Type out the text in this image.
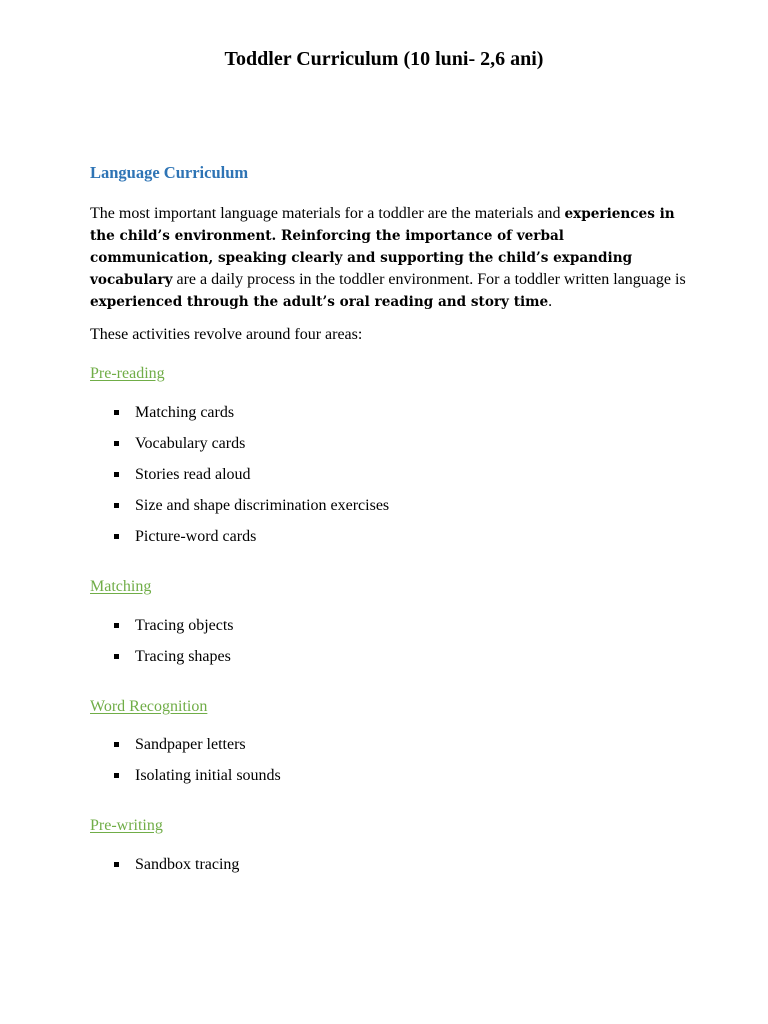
Toddler Curriculum (10 luni- 2,6 ani)
Language Curriculum

The most important language materials for a toddler are the materials and experiences in the child’s environment. Reinforcing the importance of verbal communication, speaking clearly and supporting the child’s expanding vocabulary are a daily process in the toddler environment. For a toddler written language is experienced through the adult’s oral reading and story time.

These activities revolve around four areas:

Pre-reading

Matching cards
Vocabulary cards
Stories read aloud
Size and shape discrimination exercises
Picture-word cards

Matching

Tracing objects
Tracing shapes

Word Recognition

Sandpaper letters
Isolating initial sounds

Pre-writing

Sandbox tracing
